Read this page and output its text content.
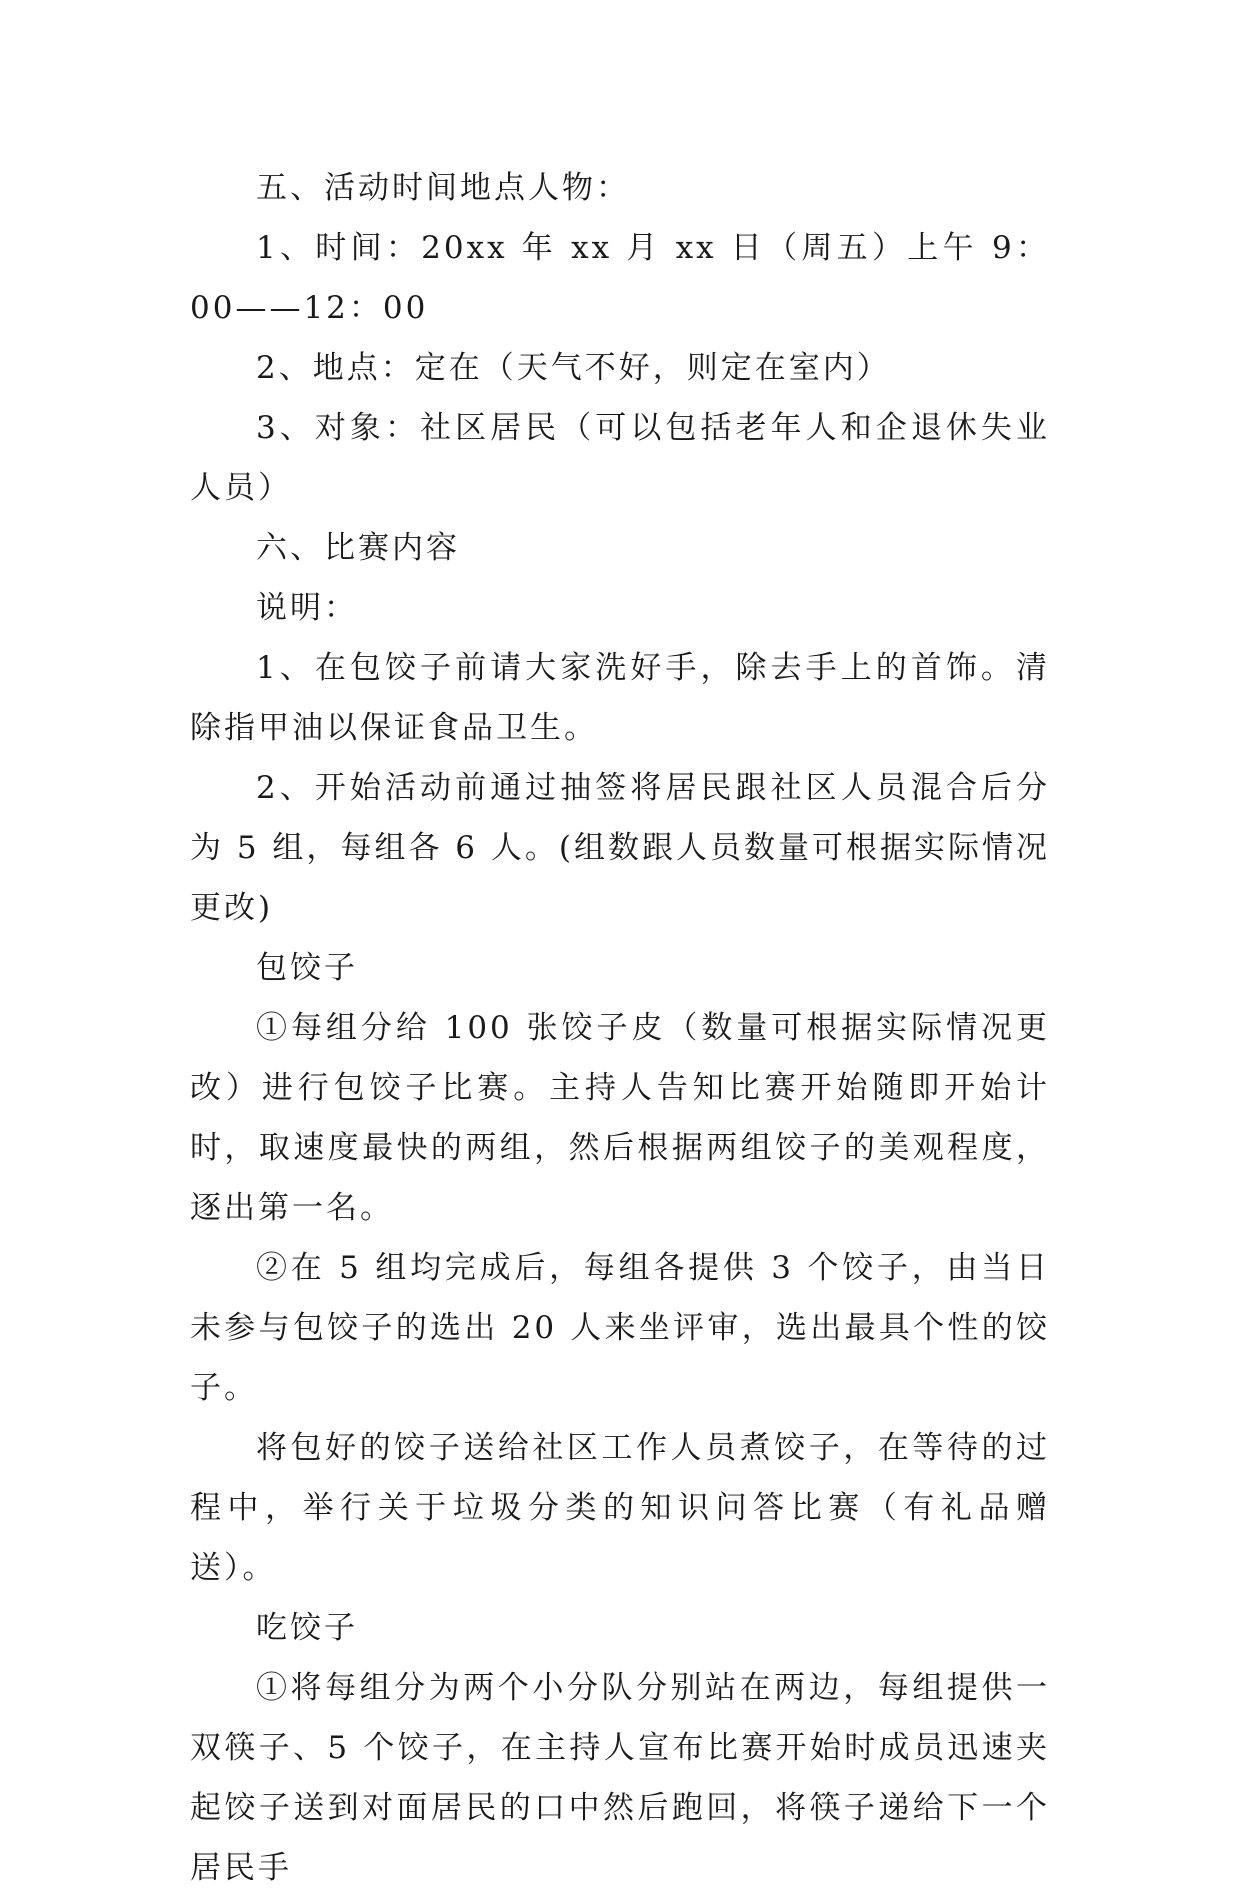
五、活动时间地点人物：

1、时间：20xx 年 xx 月 xx 日（周五）上午 9：00——12：00

2、地点：定在（天气不好，则定在室内）

3、对象：社区居民（可以包括老年人和企退休失业人员）

六、比赛内容

说明：

1、在包饺子前请大家洗好手，除去手上的首饰。清除指甲油以保证食品卫生。

2、开始活动前通过抽签将居民跟社区人员混合后分为 5 组，每组各 6 人。(组数跟人员数量可根据实际情况更改)

包饺子

①每组分给 100 张饺子皮（数量可根据实际情况更改）进行包饺子比赛。主持人告知比赛开始随即开始计时，取速度最快的两组，然后根据两组饺子的美观程度，逐出第一名。

②在 5 组均完成后，每组各提供 3 个饺子，由当日未参与包饺子的选出 20 人来坐评审，选出最具个性的饺子。

将包好的饺子送给社区工作人员煮饺子，在等待的过程中，举行关于垃圾分类的知识问答比赛（有礼品赠送）。

吃饺子

①将每组分为两个小分队分别站在两边，每组提供一双筷子、5 个饺子，在主持人宣布比赛开始时成员迅速夹起饺子送到对面居民的口中然后跑回，将筷子递给下一个居民手
